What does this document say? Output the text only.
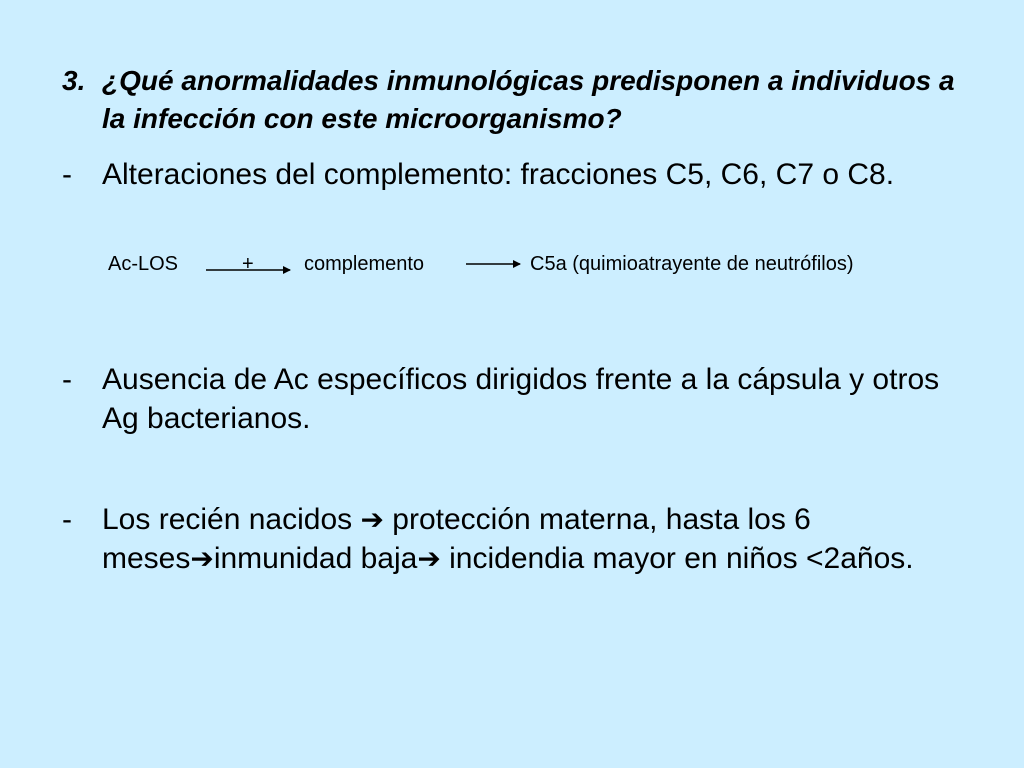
3. ¿Qué anormalidades inmunológicas predisponen a individuos a la infección con este microorganismo?
-	Alteraciones del complemento: fracciones C5, C6, C7 o C8.
Ac-LOS	+	complemento	C5a (quimioatrayente de neutrófilos)
-	Ausencia de Ac específicos dirigidos frente a la cápsula y otros Ag bacterianos.
-	Los recién nacidos ➔ protección materna, hasta los 6 meses➔inmunidad baja➔ incidendia mayor en niños <2años.
